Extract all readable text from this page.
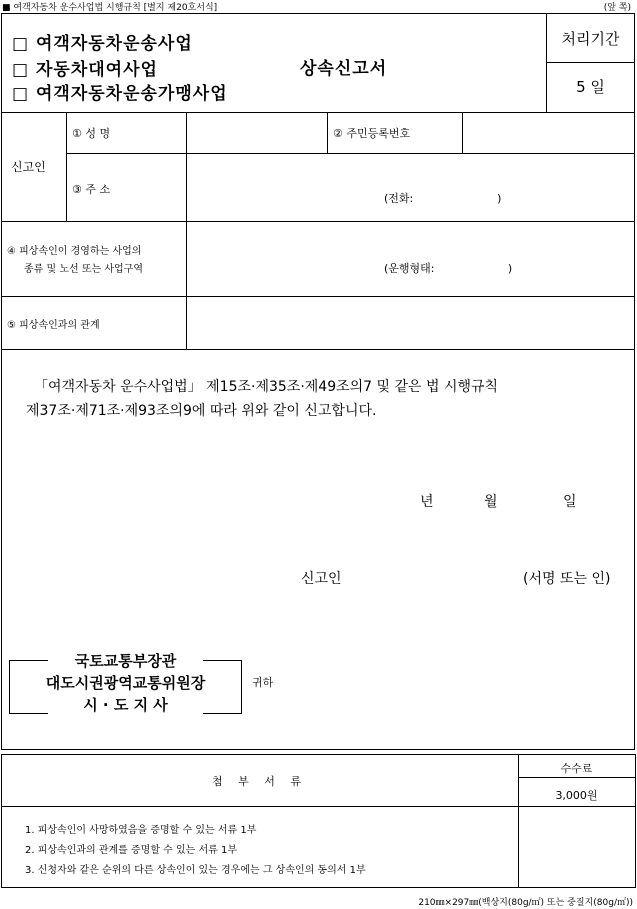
■ 여객자동차 운수사업법 시행규칙 [별지 제20호서식]	(앞 쪽)
□ 여객자동차운송사업
□ 자동차대여사업
□ 여객자동차운송가맹사업
상속신고서
처리기간
5 일
신고인
① 성 명	② 주민등록번호
③ 주 소
(전화:                        )
④ 피상속인이 경영하는 사업의
종류 및 노선 또는 사업구역	(운행형태:                     )
⑤ 피상속인과의 관계
「여객자동차 운수사업법」 제15조·제35조·제49조의7 및 같은 법 시행규칙
제37조·제71조·제93조의9에 따라 위와 같이 신고합니다.
년	월	일
신고인	(서명 또는 인)
국토교통부장관
대도시권광역교통위원장
시 · 도 지 사
귀하
첨 부 서 류
수수료
3,000원
1. 피상속인이 사망하였음을 증명할 수 있는 서류 1부
2. 피상속인과의 관계를 증명할 수 있는 서류 1부
3. 신청자와 같은 순위의 다른 상속인이 있는 경우에는 그 상속인의 동의서 1부
210㎜×297㎜(백상지(80g/㎡) 또는 중질지(80g/㎡))
